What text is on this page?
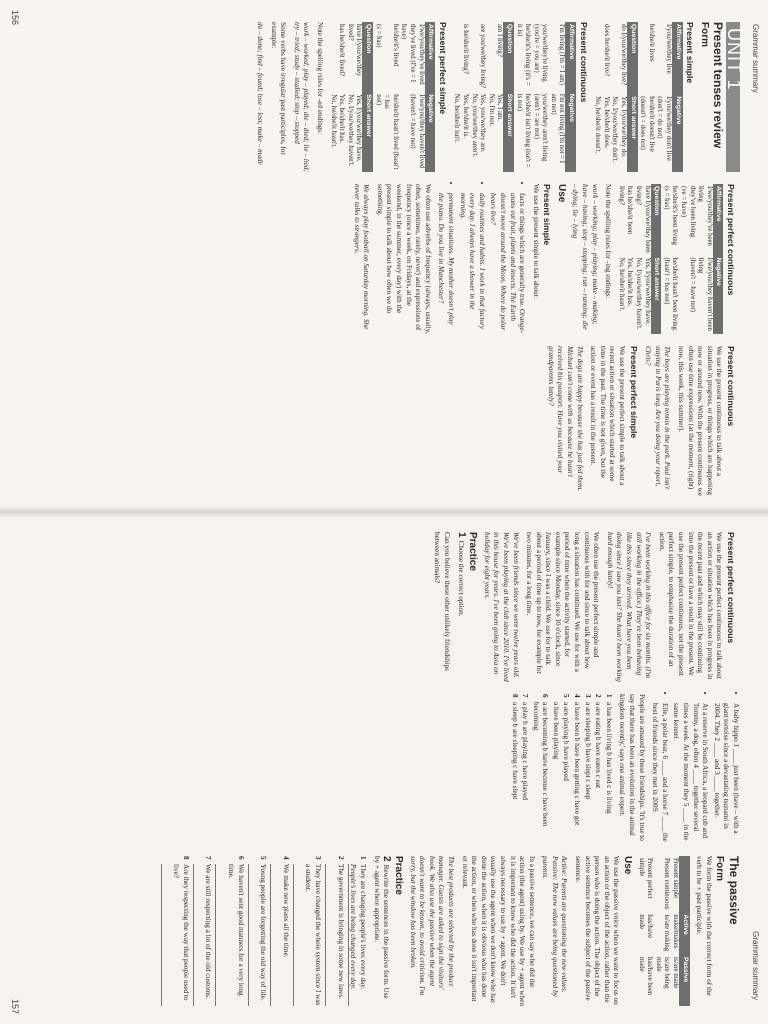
Grammar summary
UNIT 1
Present tenses review
Form
Present simple
Affirmative	Negative
I/you/we/they live	I/you/we/they don't live
	(don't = do not)
he/she/it lives	he/she/it doesn't live
	(doesn't = does not)
Question	Short answer
do I/you/we/they live?	Yes, I/you/we/they do.
	No, I/you/we/they don't.
does he/she/it live?	Yes, he/she/it does.
	No, he/she/it doesn't.
Present continuous
Affirmative	Negative
I'm living (I'm = I am)	I'm not living (I'm not = I am not)
you/we/they're living	you/we/they aren't living
(you're = you are)	(aren't = are not)
he/she/it's living (it's = it is)	he/she/it isn't living (isn't = is not)
Question	Short answer
am I living?	Yes, I am.
	No, I'm not.
are you/we/they living?	Yes, you/we/they are.
	No, you/we/they aren't.
is he/she/it living?	Yes, he/she/it is.
	No, he/she/it isn't.
Present perfect simple
Affirmative	Negative
I/we/you/they've lived	I/we/you/they haven't lived
they've lived (I've = I have)	(haven't = have not)
he/she/it's lived	he/she/it hasn't lived (hasn't = has
(s = has)	not)
Question	Short answer
have I/you/we/they	Yes, I/you/we/they have.
lived?	No, I/you/we/they haven't.
has he/she/it lived?	Yes, he/she/it has.
	No, he/she/it hasn't.

Note the spelling rules for -ed endings:

work – worked; play – played; die – died; lie – lied; try – tried; study – studied; stop – stopped

Some verbs have irregular past participles, for example:

do – done; find – found; lose – lost; make – made

Present perfect continuous
Affirmative	Negative
I/we/you/they've been living	I/we/you/they haven't been living
they've been living	(haven't = have not)
(ve = have)	
he/she/it's been living	he/she/it hasn't been living
(s = has)	(hasn't = has not)
Question	Short answer
have I/you/we/they been	Yes, I/you/we/they have.
living?	No, I/you/we/they haven't.
has he/she/it been	Yes, he/she/it has.
living?	No, he/she/it hasn't.

Note the spelling rules for -ing endings:

work – working; play – playing; make – making; have – having; stop – stopping; run – running; die – dying; lie – lying

Use
Present simple

We use the present simple to talk about:

• facts or things which are generally true. Orange-utans eat fruit, plants and insects. The Earth doesn't move around the Moon. Where do polar bears live?
• daily routines and habits. I work in that factory every day. I always have a shower in the morning.
• permanent situations. My mother doesn't play the piano. Do you live in Manchester?

We often use adverbs of frequency (always, usually, often, sometimes, rarely, never) and expressions of frequency (once a week, on Fridays, at the weekend, in the summer, every day) with the present simple to talk about how often we do something.

We always play football on Saturday morning. She never talks to strangers.

Present continuous

We use the present continuous to talk about a situation in progress, or things which are happening now or around now. With the present continuous we often use time expressions (at the moment, (right) now, this week, this summer).

The boys are playing tennis in the park. Paul isn't staying in Paris long. Are you doing your report, Chris?

Present perfect simple

We use the present perfect simple to talk about a recent action or situation which started at some time in the past. The time is not given, but the action or event has a result in the present.

The dogs are happy because she has just fed them. Michael can't come with us because he hasn't received his passport. Have you visited your grandparents lately?

156
Grammar summary
Present perfect continuous

We use the present perfect continuous to talk about an action or situation which has been in progress in the recent past and which may still be continuing into the present or have a result in the present. We use the present perfect continuous, not the present perfect simple, to emphasise the duration of an action.

I've been working in this office for six months. (I'm still working in the office.) They've been behaving like this since they arrived. What have you been doing since I saw you last? She hasn't been working hard enough lately!

We often use the present perfect simple and continuous with for and since to talk about how long a situation has continued. We use for with a period of time when the activity started, for example since Monday, since 10 o'clock, since January, since I was a child. We use for to talk about a period of time up to now, for example for two minutes, for a long time.

We've been friends since we were twelve years old. We've been playing at the club since 2010. I've lived in this house for years. I've been going to Asia on holiday for eight years.

Practice

1Choose the correct option.

Can you believe these other unlikely friendships between animals?

• A baby hippo 1 ____ just been (have – with a giant tortoise since a devastating tsunami in 2004. They 2 ____ and 3 ____ together.
• At a reserve in South Africa, a leopard cub and Tommy, a dog, often 4 ____ together several times a week. At the moment they 5 ____ in the same kennel.
• Elle, a polar bear, 6 ____ and a horse 7 ____ the best of friends since they met in 2009.

People are amazed by these friendships. 'It's true to say that there has been an evolution in the animal kingdom recently,' says one animal expert.

1
a has been living b has lived c is living
2
a are eating b have eaten c eat
3
a are sleeping b have slept c sleep
4
a have been b have been getting c have got
5
a are playing b have played
a have been playing
6
a are becoming b have become c have been becoming
7
a play b are playing c have played
8
a sleep b are sleeping c have slept
The passive
Form

We form the passive with the correct form of the verb to be + past participle.

	Active	Passive
Present simple	make/makes	is/are made
Present continuous	is/are making	is/are being made
Present perfect simple	has/have made	has/have been made
Use

We use the passive voice when we want to focus on an action or the object of the action, rather than the person who is doing the action. The object of the active sentence becomes the subject of the passive sentence.

Active: Parents are questioning the new values. Passive: The new values are being questioned by parents.

In a passive sentence, we can say who did the action (the agent) using by. We use by + agent when it is important to know who did the action. It isn't always necessary to use by + agent. We don't usually use the agent when we don't know who has done the action, when it is obvious who has done the action, or when who has done it isn't important or relevant.

The best products are selected by the product manager. Guests are asked to sign the visitors' book. We also use the passive when the agent doesn't want to be known, to avoid criticism. I'm sorry, but the window has been broken.

Practice

2Rewrite the sentences in the passive form. Use by + agent where appropriate.

1
They are changing people's lives every day.
People's lives are being changed every day.
2
The government is bringing in some new laws.
3
They have changed the whole system since I was a student.
4
We make new plans all the time.
5
Young people are forgetting the old way of life.
6
We haven't sent good manners for a very long time.
7
We are still respecting a lot of the old customs.
8
Are they respecting the way that people used to live?
157
